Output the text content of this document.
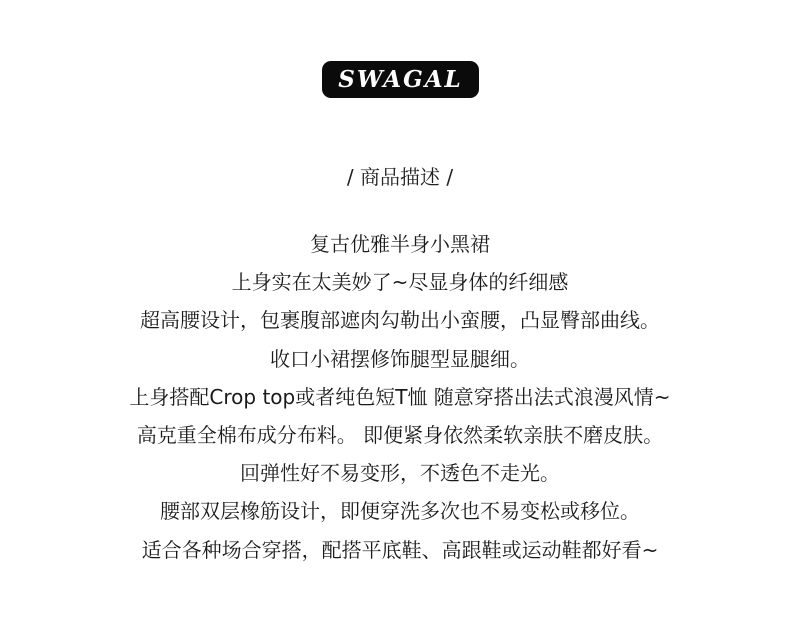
SWAGAL
/ 商品描述 /
复古优雅半身小黑裙
上身实在太美妙了~尽显身体的纤细感
超高腰设计，包裹腹部遮肉勾勒出小蛮腰，凸显臀部曲线。
收口小裙摆修饰腿型显腿细。
上身搭配Crop top或者纯色短T恤 随意穿搭出法式浪漫风情~
高克重全棉布成分布料。 即便紧身依然柔软亲肤不磨皮肤。
回弹性好不易变形，不透色不走光。
腰部双层橡筋设计，即便穿洗多次也不易变松或移位。
适合各种场合穿搭，配搭平底鞋、高跟鞋或运动鞋都好看~
